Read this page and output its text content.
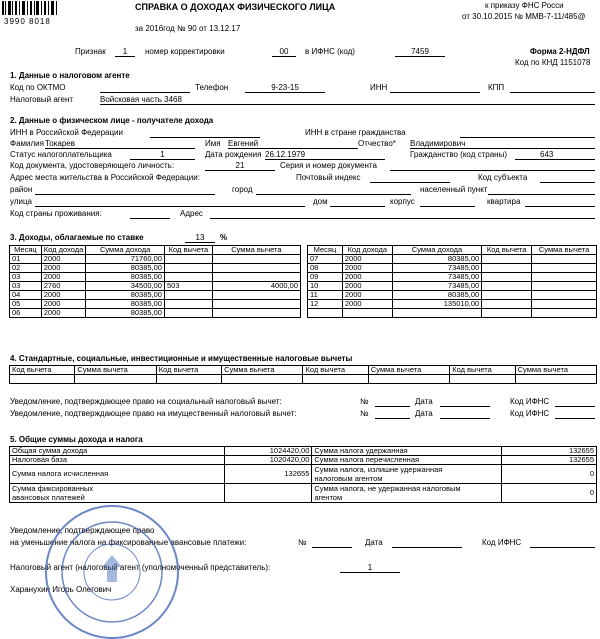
3990 8018
СПРАВКА О ДОХОДАХ ФИЗИЧЕСКОГО ЛИЦА
за 2016год № 90 от 13.12.17
к приказу ФНС Росси
от 30.10.2015 № ММВ-7-11/485@
Признак	1	номер корректировки	00	в ИФНС (код)	7459	Форма 2-НДФЛ
Код по КНД 1151078
1. Данные о налоговом агенте
Код по ОКТМО	Телефон	9-23-15	ИНН	КПП
Налоговый агент	Войсковая часть 3468
2. Данные о физическом лице - получателе дохода
ИНН в Российской Федерации	ИНН в стране гражданства
Фамилия Токарев	Имя Евгений	Отчество* Владимирович
Статус налогоплательщика	1	Дата рождения 26.12.1979	Гражданство (код страны)	643
Код документа, удостоверяющего личность:	21	Серия и номер документа
Адрес места жительства в Российской Федерации:	Почтовый индекс	Код субъекта
район	город	населенный пункт
улица	дом	корпус	квартира
Код страны проживания:	Адрес
3. Доходы, облагаемые по ставке	13	%
Месяц	Код дохода	Сумма дохода	Код вычета	Сумма вычета
01	2000	71760,00		
02	2000	80385,00		
03	2000	80385,00		
03	2760	34500,00	503	4000,00
04	2000	80385,00		
05	2000	80385,00		
06	2000	80385,00		
Месяц	Код дохода	Сумма дохода	Код вычета	Сумма вычета
07	2000	80385,00		
08	2000	73485,00		
09	2000	73485,00		
10	2000	73485,00		
11	2000	80385,00		
12	2000	135010,00		

4. Стандартные, социальные, инвестиционные и имущественные налоговые вычеты
Код вычета	Сумма вычета	Код вычета	Сумма вычета	Код вычета	Сумма вычета	Код вычета	Сумма вычета

Уведомление, подтверждающее право на социальный налоговый вычет:	№	Дата	Код ИФНС
Уведомление, подтверждающее право на имущественный налоговый вычет:	№	Дата	Код ИФНС
5. Общие суммы дохода и налога
Общая сумма дохода	1024420,00	Сумма налога удержанная	132655
Налоговая база	1020420,00	Сумма налога перечисленная	132655
Сумма налога исчисленная	132655	Сумма налога, излишне удержанная
налоговым агентом	0
Сумма фиксированных
авансовых платежей		Сумма налога, не удержанная налоговым
агентом	0
Уведомление, подтверждающее право
на уменьшение налога на фиксированные авансовые платежи:	№	Дата	Код ИФНС
Налоговый агент (налоговый агент (уполномоченный представитель):	1
Харанухин Игорь Олегович
